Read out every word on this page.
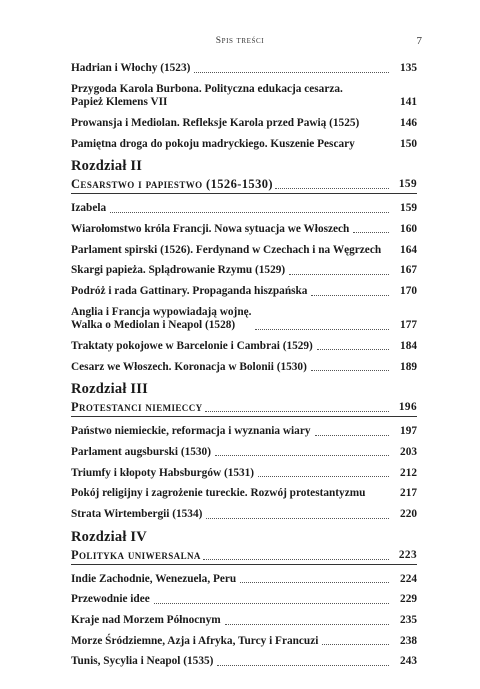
Spis treści	7
Hadrian i Włochy (1523)	135
Przygoda Karola Burbona. Polityczna edukacja cesarza.
Papież Klemens VII	141
Prowansja i Mediolan. Refleksje Karola przed Pawią (1525)	146
Pamiętna droga do pokoju madryckiego. Kuszenie Pescary	150
Rozdział II
Cesarstwo i papiestwo (1526-1530)	159
Izabela	159
Wiarołomstwo króla Francji. Nowa sytuacja we Włoszech	160
Parlament spirski (1526). Ferdynand w Czechach i na Węgrzech	164
Skargi papieża. Splądrowanie Rzymu (1529)	167
Podróż i rada Gattinary. Propaganda hiszpańska	170
Anglia i Francja wypowiadają wojnę.
Walka o Mediolan i Neapol (1528)	177
Traktaty pokojowe w Barcelonie i Cambrai (1529)	184
Cesarz we Włoszech. Koronacja w Bolonii (1530)	189
Rozdział III
Protestanci niemieccy	196
Państwo niemieckie, reformacja i wyznania wiary	197
Parlament augsburski (1530)	203
Triumfy i kłopoty Habsburgów (1531)	212
Pokój religijny i zagrożenie tureckie. Rozwój protestantyzmu	217
Strata Wirtembergii (1534)	220
Rozdział IV
Polityka uniwersalna	223
Indie Zachodnie, Wenezuela, Peru	224
Przewodnie idee	229
Kraje nad Morzem Północnym	235
Morze Śródziemne, Azja i Afryka, Turcy i Francuzi	238
Tunis, Sycylia i Neapol (1535)	243
